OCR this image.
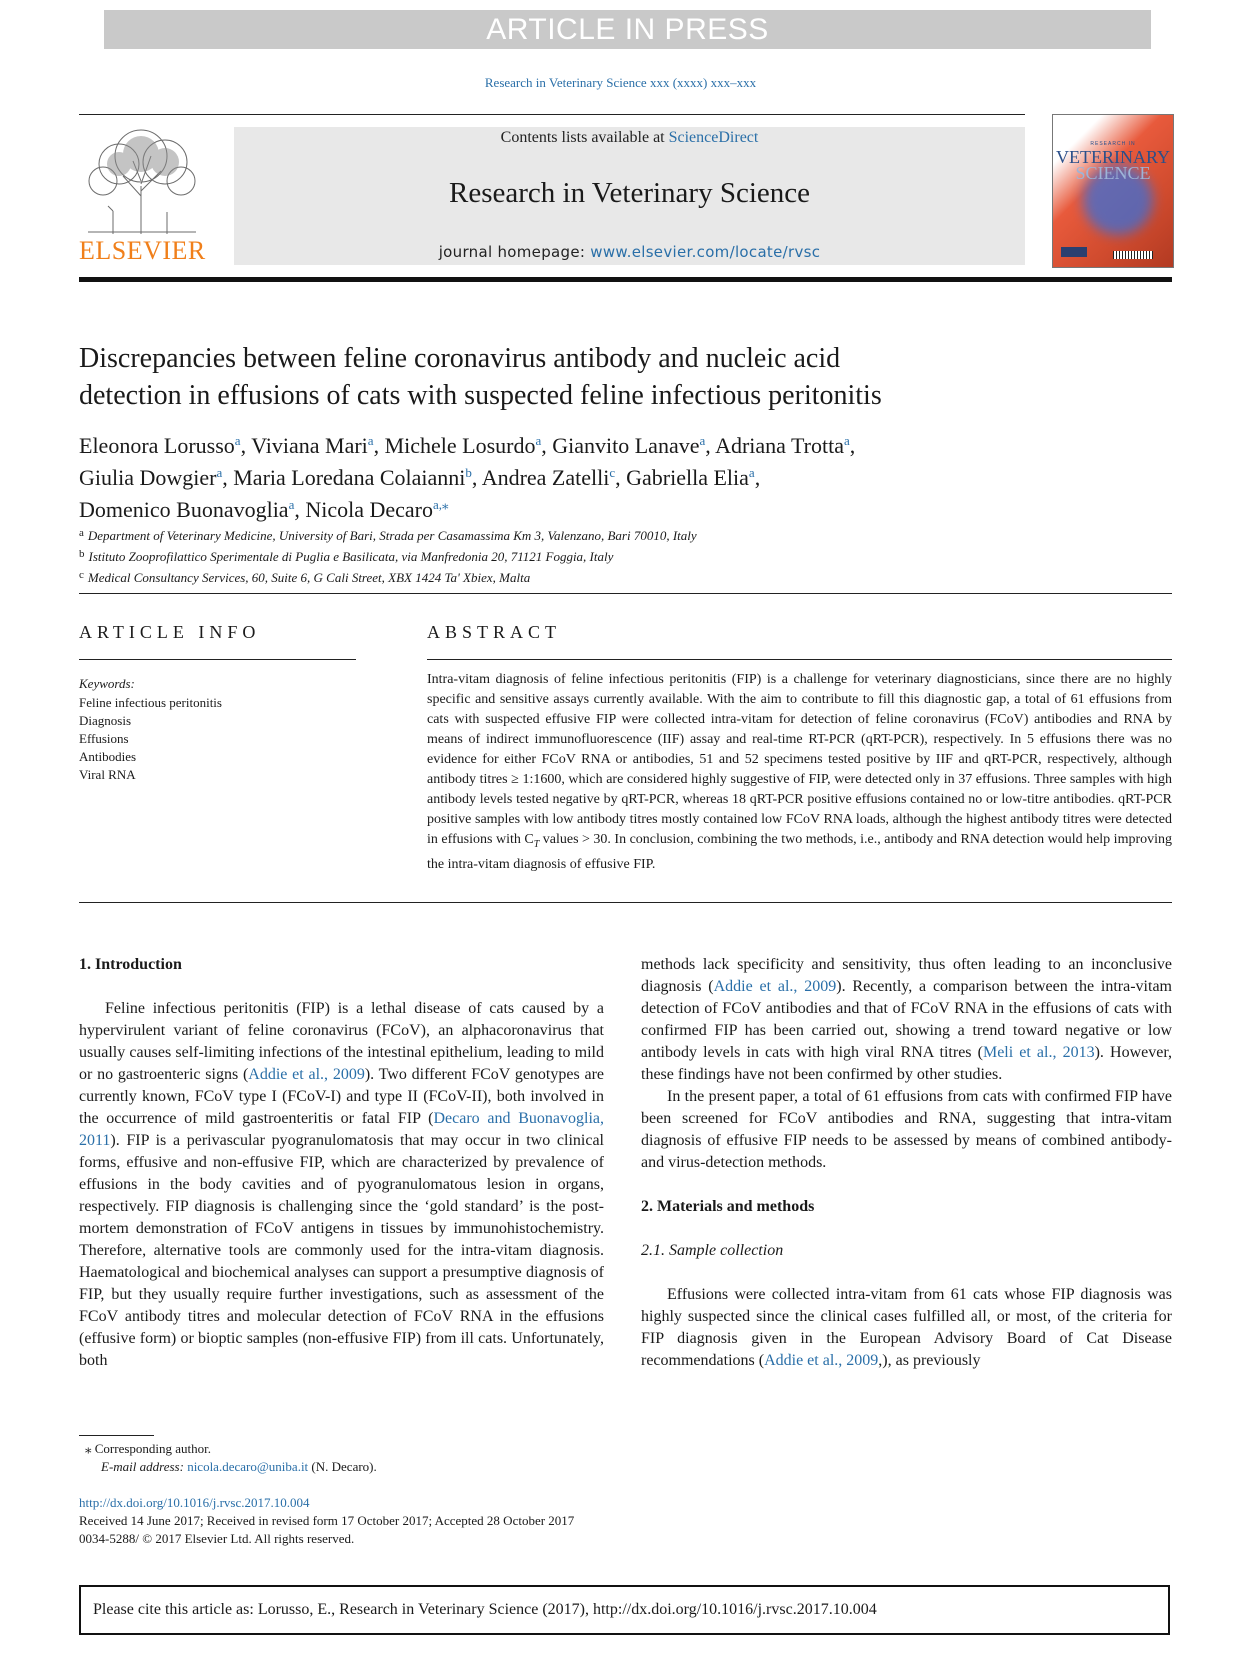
ARTICLE IN PRESS
Research in Veterinary Science xxx (xxxx) xxx–xxx
ELSEVIER
Contents lists available at ScienceDirect
Research in Veterinary Science
journal homepage: www.elsevier.com/locate/rvsc
RESEARCH IN
VETERINARY
SCIENCE
Discrepancies between feline coronavirus antibody and nucleic acid
detection in effusions of cats with suspected feline infectious peritonitis
Eleonora Lorusso$^a$, Viviana Mari$^a$, Michele Losurdo$^a$, Gianvito Lanave$^a$, Adriana Trotta$^a$,
Giulia Dowgier$^a$, Maria Loredana Colaianni$^b$, Andrea Zatelli$^c$, Gabriella Elia$^a$,
Domenico Buonavoglia$^a$, Nicola Decaro$^{a,⁎}$
$^a$ Department of Veterinary Medicine, University of Bari, Strada per Casamassima Km 3, Valenzano, Bari 70010, Italy
$^b$ Istituto Zooprofilattico Sperimentale di Puglia e Basilicata, via Manfredonia 20, 71121 Foggia, Italy
$^c$ Medical Consultancy Services, 60, Suite 6, G Cali Street, XBX 1424 Ta' Xbiex, Malta
ARTICLE INFO
Keywords:
Feline infectious peritonitis
Diagnosis
Effusions
Antibodies
Viral RNA
ABSTRACT
Intra-vitam diagnosis of feline infectious peritonitis (FIP) is a challenge for veterinary diagnosticians, since there are no highly specific and sensitive assays currently available. With the aim to contribute to fill this diagnostic gap, a total of 61 effusions from cats with suspected effusive FIP were collected intra-vitam for detection of feline coronavirus (FCoV) antibodies and RNA by means of indirect immunofluorescence (IIF) assay and real-time RT-PCR (qRT-PCR), respectively. In 5 effusions there was no evidence for either FCoV RNA or antibodies, 51 and 52 specimens tested positive by IIF and qRT-PCR, respectively, although antibody titres ≥ 1:1600, which are considered highly suggestive of FIP, were detected only in 37 effusions. Three samples with high antibody levels tested negative by qRT-PCR, whereas 18 qRT-PCR positive effusions contained no or low-titre antibodies. qRT-PCR positive samples with low antibody titres mostly contained low FCoV RNA loads, although the highest antibody titres were detected in effusions with $C_T$ values > 30. In conclusion, combining the two methods, i.e., antibody and RNA detection would help improving the intra-vitam diagnosis of effusive FIP.

1. Introduction

Feline infectious peritonitis (FIP) is a lethal disease of cats caused by a hypervirulent variant of feline coronavirus (FCoV), an alphacoronavirus that usually causes self-limiting infections of the intestinal epithelium, leading to mild or no gastroenteric signs (Addie et al., 2009). Two different FCoV genotypes are currently known, FCoV type I (FCoV-I) and type II (FCoV-II), both involved in the occurrence of mild gastroenteritis or fatal FIP (Decaro and Buonavoglia, 2011). FIP is a perivascular pyogranulomatosis that may occur in two clinical forms, effusive and non-effusive FIP, which are characterized by prevalence of effusions in the body cavities and of pyogranulomatous lesion in organs, respectively. FIP diagnosis is challenging since the ‘gold standard’ is the post-mortem demonstration of FCoV antigens in tissues by immunohistochemistry. Therefore, alternative tools are commonly used for the intra-vitam diagnosis. Haematological and biochemical analyses can support a presumptive diagnosis of FIP, but they usually require further investigations, such as assessment of the FCoV antibody titres and molecular detection of FCoV RNA in the effusions (effusive form) or bioptic samples (non-effusive FIP) from ill cats. Unfortunately, both

methods lack specificity and sensitivity, thus often leading to an inconclusive diagnosis (Addie et al., 2009). Recently, a comparison between the intra-vitam detection of FCoV antibodies and that of FCoV RNA in the effusions of cats with confirmed FIP has been carried out, showing a trend toward negative or low antibody levels in cats with high viral RNA titres (Meli et al., 2013). However, these findings have not been confirmed by other studies.

In the present paper, a total of 61 effusions from cats with confirmed FIP have been screened for FCoV antibodies and RNA, suggesting that intra-vitam diagnosis of effusive FIP needs to be assessed by means of combined antibody- and virus-detection methods.

2. Materials and methods

2.1. Sample collection

Effusions were collected intra-vitam from 61 cats whose FIP diagnosis was highly suspected since the clinical cases fulfilled all, or most, of the criteria for FIP diagnosis given in the European Advisory Board of Cat Disease recommendations (Addie et al., 2009,), as previously

⁎ Corresponding author.
E-mail address: nicola.decaro@uniba.it (N. Decaro).
http://dx.doi.org/10.1016/j.rvsc.2017.10.004
Received 14 June 2017; Received in revised form 17 October 2017; Accepted 28 October 2017
0034-5288/ © 2017 Elsevier Ltd. All rights reserved.
Please cite this article as: Lorusso, E., Research in Veterinary Science (2017), http://dx.doi.org/10.1016/j.rvsc.2017.10.004
